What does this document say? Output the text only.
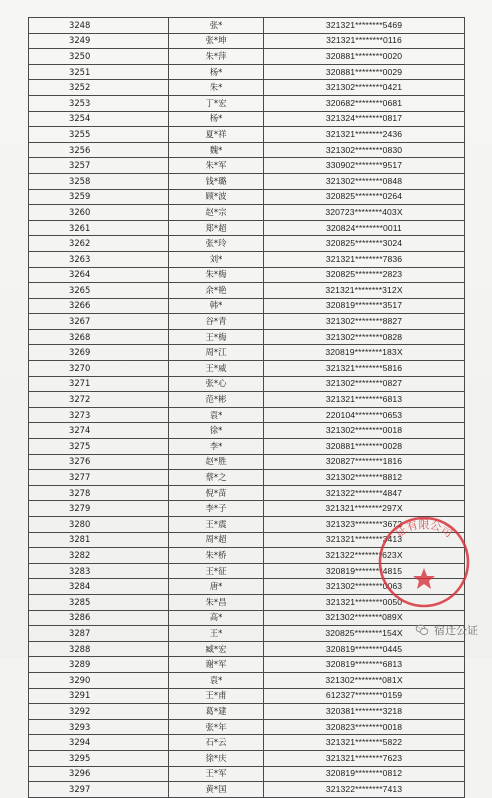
3248	张*	321321********5469
3249	张*坤	321321********0116
3250	朱*萍	320881********0020
3251	杨*	320881********0029
3252	朱*	321302********0421
3253	丁*宏	320682********0681
3254	杨*	321324********0817
3255	夏*祥	321321********2436
3256	魏*	321302********0830
3257	朱*军	330902********9517
3258	钱*璐	321302********0848
3259	顾*波	320825********0264
3260	赵*宗	320723********403X
3261	郑*超	320824********0011
3262	张*玲	320825********3024
3263	刘*	321321********7836
3264	朱*梅	320825********2823
3265	余*艳	321321********312X
3266	韩*	320819********3517
3267	谷*青	321302********8827
3268	王*梅	321302********0828
3269	周*江	320819********183X
3270	王*威	321321********5816
3271	张*心	321302********0827
3272	范*彬	321321********6813
3273	袁*	220104********0653
3274	徐*	321302********0018
3275	李*	320881********0028
3276	赵*胜	320827********1816
3277	蔡*之	321302********8812
3278	倪*苗	321322********4847
3279	李*子	321321********297X
3280	王*震	321323********3672
3281	周*超	321321********3413
3282	朱*桥	321322********623X
3283	王*征	320819********4815
3284	唐*	321302********0063
3285	朱*昌	321321********0050
3286	高*	321302********089X
3287	王*	320825********154X
3288	臧*宏	320819********0445
3289	谢*军	320819********6813
3290	袁*	321302********081X
3291	王*甫	612327********0159
3292	葛*建	320381********3218
3293	张*年	320823********0018
3294	石*云	321321********5822
3295	徐*庆	321321********7623
3296	王*军	320819********0812
3297	黄*国	321322********7413
证有限公司
宿迁公证
